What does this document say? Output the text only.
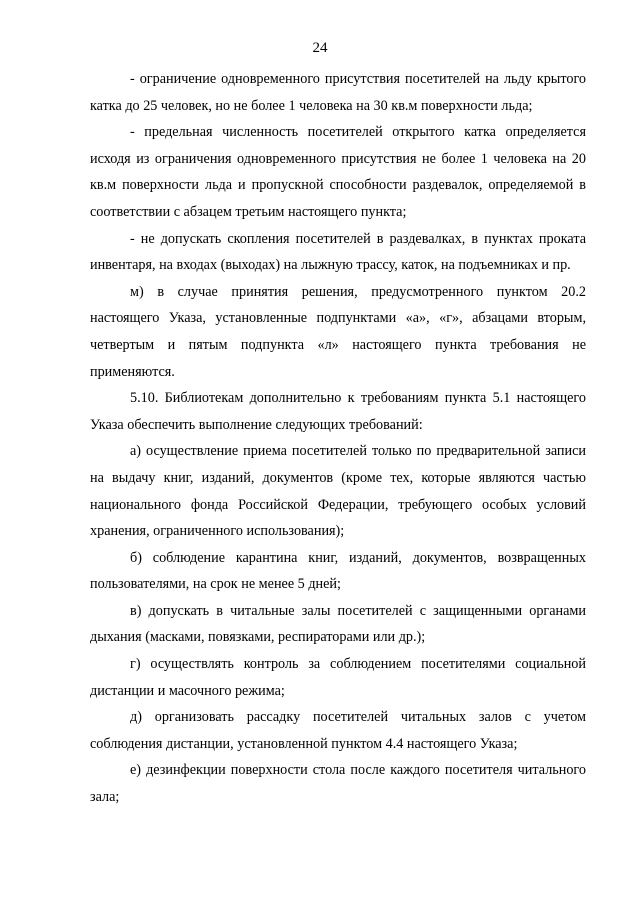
24

- ограничение одновременного присутствия посетителей на льду крытого катка до 25 человек, но не более 1 человека на 30 кв.м поверхности льда;

- предельная численность посетителей открытого катка определяется исходя из ограничения одновременного присутствия не более 1 человека на 20 кв.м поверхности льда и пропускной способности раздевалок, определяемой в соответствии с абзацем третьим настоящего пункта;

- не допускать скопления посетителей в раздевалках, в пунктах проката инвентаря, на входах (выходах) на лыжную трассу, каток, на подъемниках и пр.

м) в случае принятия решения, предусмотренного пунктом 20.2 настоящего Указа, установленные подпунктами «а», «г», абзацами вторым, четвертым и пятым подпункта «л» настоящего пункта требования не применяются.

5.10. Библиотекам дополнительно к требованиям пункта 5.1 настоящего Указа обеспечить выполнение следующих требований:

а) осуществление приема посетителей только по предварительной записи на выдачу книг, изданий, документов (кроме тех, которые являются частью национального фонда Российской Федерации, требующего особых условий хранения, ограниченного использования);

б) соблюдение карантина книг, изданий, документов, возвращенных пользователями, на срок не менее 5 дней;

в) допускать в читальные залы посетителей с защищенными органами дыхания (масками, повязками, респираторами или др.);

г) осуществлять контроль за соблюдением посетителями социальной дистанции и масочного режима;

д) организовать рассадку посетителей читальных залов с учетом соблюдения дистанции, установленной пунктом 4.4 настоящего Указа;

е) дезинфекции поверхности стола после каждого посетителя читального зала;
